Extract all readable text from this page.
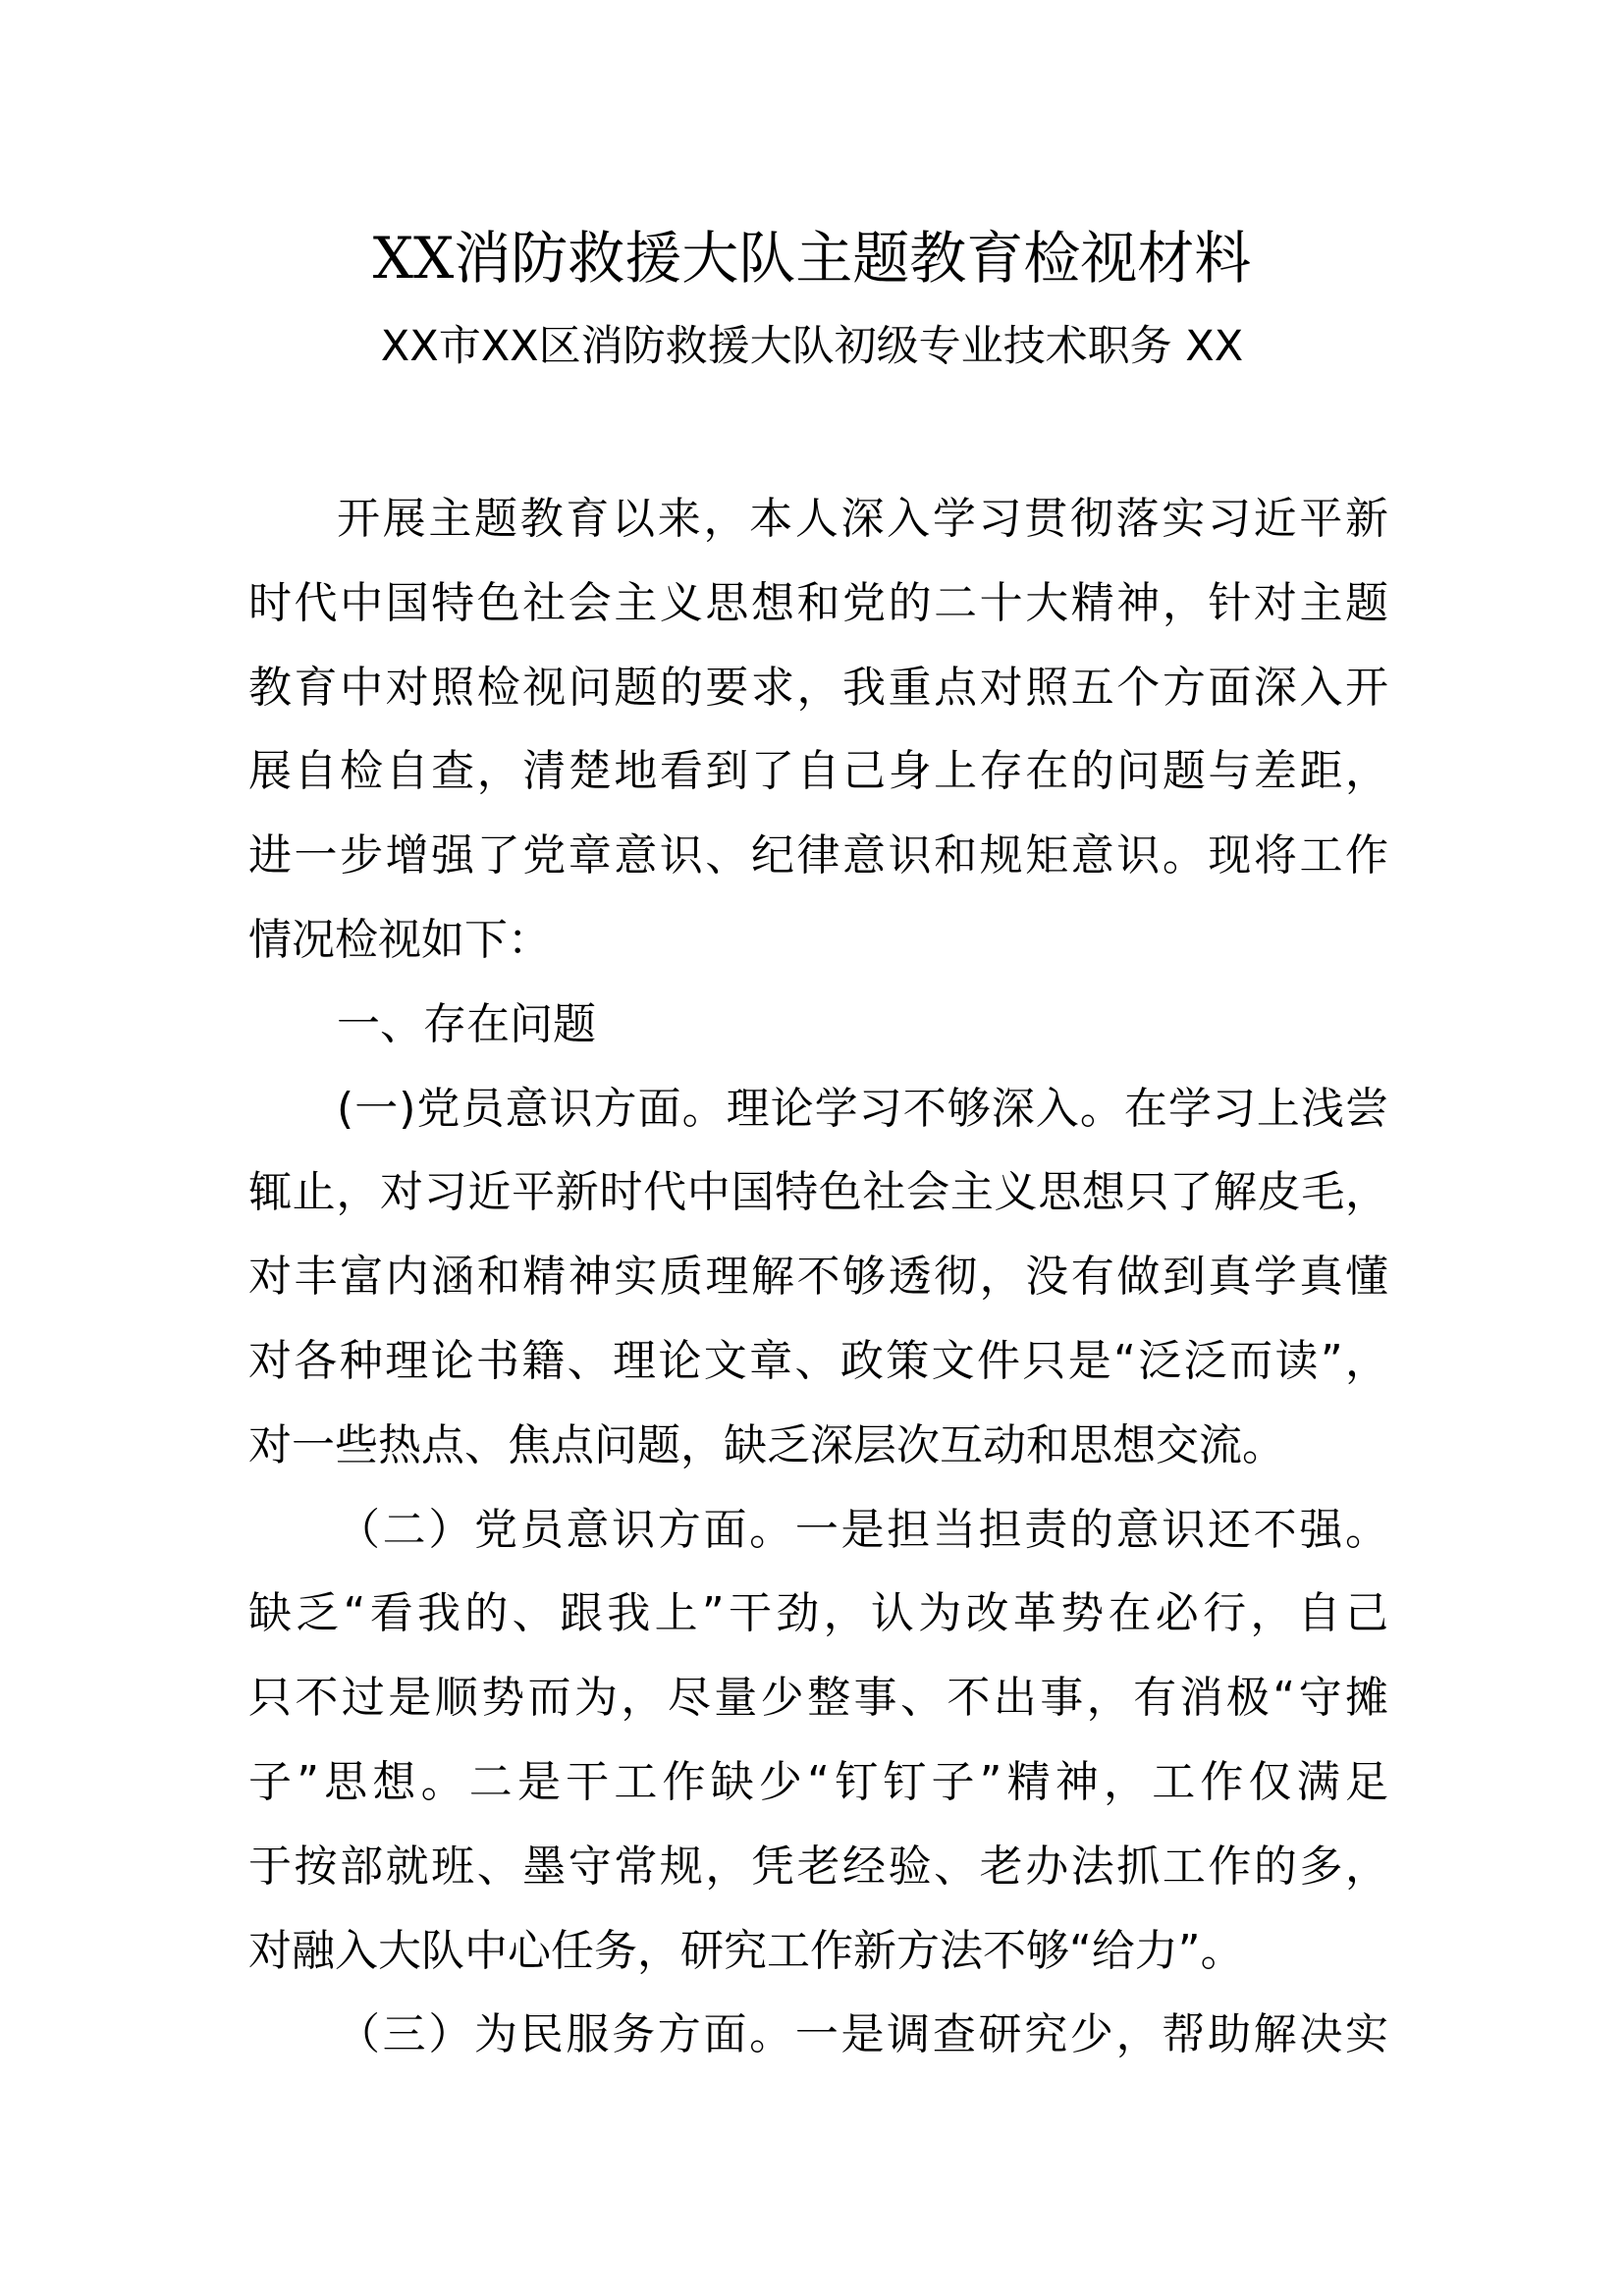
XX消防救援大队主题教育检视材料
XX市XX区消防救援大队初级专业技术职务 XX
开展主题教育以来，本人深入学习贯彻落实习近平新
时代中国特色社会主义思想和党的二十大精神，针对主题
教育中对照检视问题的要求，我重点对照五个方面深入开
展自检自查，清楚地看到了自己身上存在的问题与差距，
进一步增强了党章意识、纪律意识和规矩意识。现将工作
情况检视如下：
一、存在问题
(一)党员意识方面。理论学习不够深入。在学习上浅尝
辄止，对习近平新时代中国特色社会主义思想只了解皮毛，
对丰富内涵和精神实质理解不够透彻，没有做到真学真懂
对各种理论书籍、理论文章、政策文件只是“泛泛而读”，
对一些热点、焦点问题，缺乏深层次互动和思想交流。
（二）党员意识方面。一是担当担责的意识还不强。
缺乏“看我的、跟我上”干劲，认为改革势在必行，自己
只不过是顺势而为，尽量少整事、不出事，有消极“守摊
子”思想。二是干工作缺少“钉钉子”精神，工作仅满足
于按部就班、墨守常规，凭老经验、老办法抓工作的多，
对融入大队中心任务，研究工作新方法不够“给力”。
（三）为民服务方面。一是调查研究少，帮助解决实
